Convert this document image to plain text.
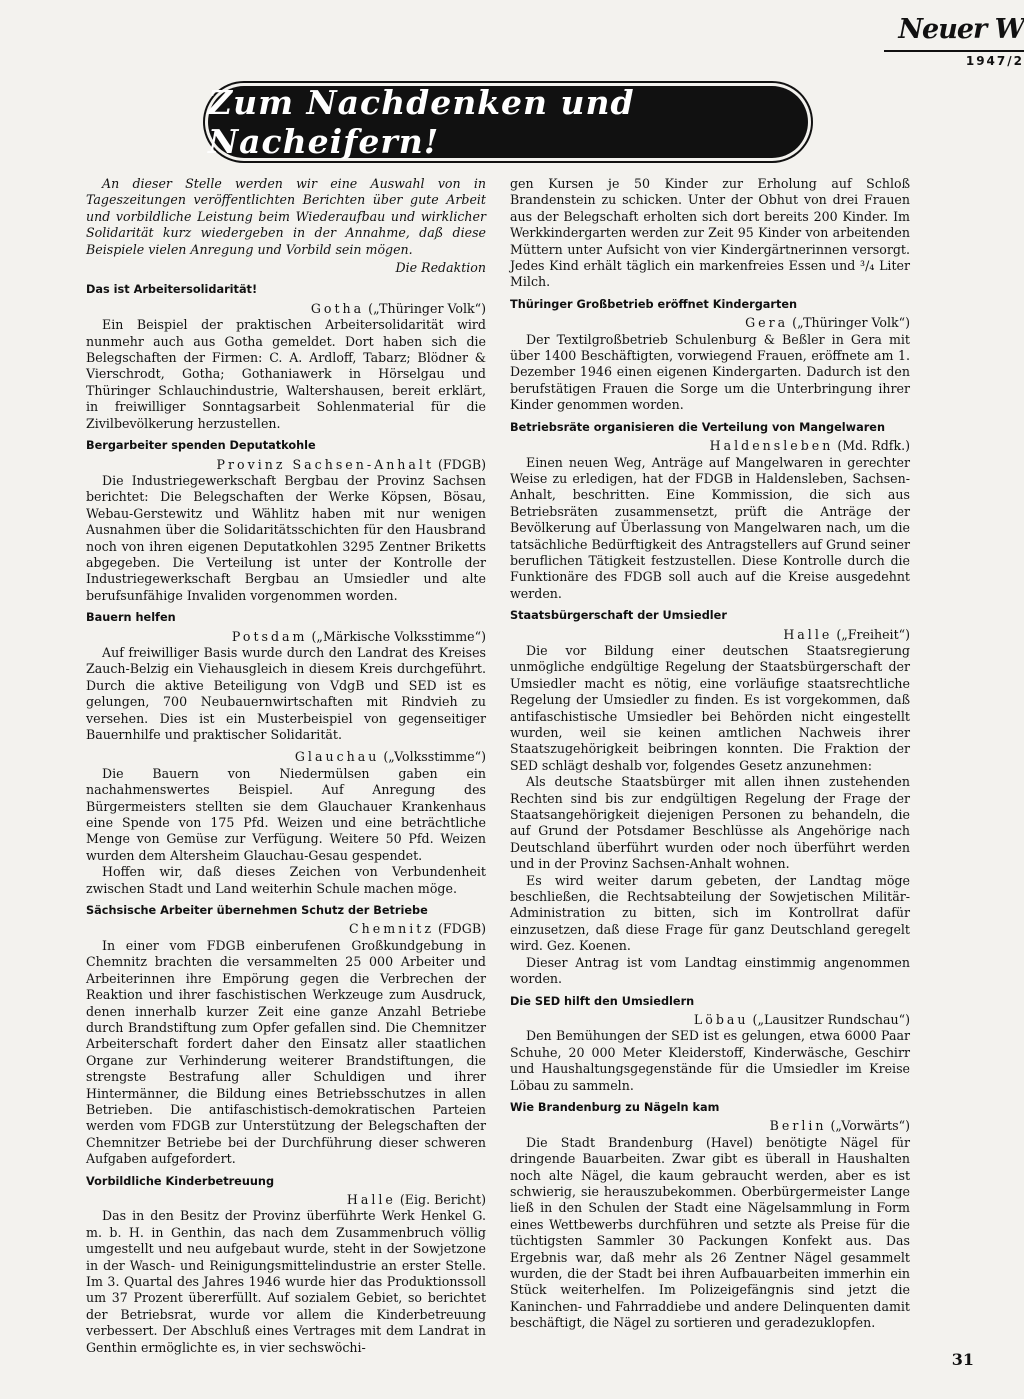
Neuer W
1947/2
Zum Nachdenken und Nacheifern!

An dieser Stelle werden wir eine Auswahl von in Tageszeitungen veröffentlichten Berichten über gute Arbeit und vorbildliche Leistung beim Wiederaufbau und wirklicher Solidarität kurz wiedergeben in der Annahme, daß diese Beispiele vielen Anregung und Vorbild sein mögen.

Die Redaktion

Das ist Arbeitersolidarität!

Gotha („Thüringer Volk“)

Ein Beispiel der praktischen Arbeitersolidarität wird nunmehr auch aus Gotha gemeldet. Dort haben sich die Belegschaften der Firmen: C. A. Ardloff, Tabarz; Blödner & Vierschrodt, Gotha; Gothaniawerk in Hörselgau und Thüringer Schlauchindustrie, Waltershausen, bereit erklärt, in freiwilliger Sonntagsarbeit Sohlenmaterial für die Zivilbevölkerung herzustellen.

Bergarbeiter spenden Deputatkohle

Provinz Sachsen-Anhalt (FDGB)

Die Industriegewerkschaft Bergbau der Provinz Sachsen berichtet: Die Belegschaften der Werke Köpsen, Bösau, Webau-Gerstewitz und Wählitz haben mit nur wenigen Ausnahmen über die Solidaritätsschichten für den Hausbrand noch von ihren eigenen Deputatkohlen 3295 Zentner Briketts abgegeben. Die Verteilung ist unter der Kontrolle der Industriegewerkschaft Bergbau an Umsiedler und alte berufsunfähige Invaliden vorgenommen worden.

Bauern helfen

Potsdam („Märkische Volksstimme“)

Auf freiwilliger Basis wurde durch den Landrat des Kreises Zauch-Belzig ein Viehausgleich in diesem Kreis durchgeführt. Durch die aktive Beteiligung von VdgB und SED ist es gelungen, 700 Neubauernwirtschaften mit Rindvieh zu versehen. Dies ist ein Musterbeispiel von gegenseitiger Bauernhilfe und praktischer Solidarität.

Glauchau („Volksstimme“)

Die Bauern von Niedermülsen gaben ein nachahmenswertes Beispiel. Auf Anregung des Bürgermeisters stellten sie dem Glauchauer Krankenhaus eine Spende von 175 Pfd. Weizen und eine beträchtliche Menge von Gemüse zur Verfügung. Weitere 50 Pfd. Weizen wurden dem Altersheim Glauchau-Gesau gespendet.

Hoffen wir, daß dieses Zeichen von Verbundenheit zwischen Stadt und Land weiterhin Schule machen möge.

Sächsische Arbeiter übernehmen Schutz der Betriebe

Chemnitz (FDGB)

In einer vom FDGB einberufenen Großkundgebung in Chemnitz brachten die versammelten 25 000 Arbeiter und Arbeiterinnen ihre Empörung gegen die Verbrechen der Reaktion und ihrer faschistischen Werkzeuge zum Ausdruck, denen innerhalb kurzer Zeit eine ganze Anzahl Betriebe durch Brandstiftung zum Opfer gefallen sind. Die Chemnitzer Arbeiterschaft fordert daher den Einsatz aller staatlichen Organe zur Verhinderung weiterer Brandstiftungen, die strengste Bestrafung aller Schuldigen und ihrer Hintermänner, die Bildung eines Betriebsschutzes in allen Betrieben. Die antifaschistisch-demokratischen Parteien werden vom FDGB zur Unterstützung der Belegschaften der Chemnitzer Betriebe bei der Durchführung dieser schweren Aufgaben aufgefordert.

Vorbildliche Kinderbetreuung

Halle (Eig. Bericht)

Das in den Besitz der Provinz überführte Werk Henkel G. m. b. H. in Genthin, das nach dem Zusammenbruch völlig umgestellt und neu aufgebaut wurde, steht in der Sowjetzone in der Wasch- und Reinigungsmittelindustrie an erster Stelle. Im 3. Quartal des Jahres 1946 wurde hier das Produktionssoll um 37 Prozent übererfüllt. Auf sozialem Gebiet, so berichtet der Betriebsrat, wurde vor allem die Kinderbetreuung verbessert. Der Abschluß eines Vertrages mit dem Landrat in Genthin ermöglichte es, in vier sechswöchi-

gen Kursen je 50 Kinder zur Erholung auf Schloß Brandenstein zu schicken. Unter der Obhut von drei Frauen aus der Belegschaft erholten sich dort bereits 200 Kinder. Im Werkkindergarten werden zur Zeit 95 Kinder von arbeitenden Müttern unter Aufsicht von vier Kindergärtnerinnen versorgt. Jedes Kind erhält täglich ein markenfreies Essen und ³/₄ Liter Milch.

Thüringer Großbetrieb eröffnet Kindergarten

Gera („Thüringer Volk“)

Der Textilgroßbetrieb Schulenburg & Beßler in Gera mit über 1400 Beschäftigten, vorwiegend Frauen, eröffnete am 1. Dezember 1946 einen eigenen Kindergarten. Dadurch ist den berufstätigen Frauen die Sorge um die Unterbringung ihrer Kinder genommen worden.

Betriebsräte organisieren die Verteilung von Mangelwaren

Haldensleben (Md. Rdfk.)

Einen neuen Weg, Anträge auf Mangelwaren in gerechter Weise zu erledigen, hat der FDGB in Haldensleben, Sachsen-Anhalt, beschritten. Eine Kommission, die sich aus Betriebsräten zusammensetzt, prüft die Anträge der Bevölkerung auf Überlassung von Mangelwaren nach, um die tatsächliche Bedürftigkeit des Antragstellers auf Grund seiner beruflichen Tätigkeit festzustellen. Diese Kontrolle durch die Funktionäre des FDGB soll auch auf die Kreise ausgedehnt werden.

Staatsbürgerschaft der Umsiedler

Halle („Freiheit“)

Die vor Bildung einer deutschen Staatsregierung unmögliche endgültige Regelung der Staatsbürgerschaft der Umsiedler macht es nötig, eine vorläufige staatsrechtliche Regelung der Umsiedler zu finden. Es ist vorgekommen, daß antifaschistische Umsiedler bei Behörden nicht eingestellt wurden, weil sie keinen amtlichen Nachweis ihrer Staatszugehörigkeit beibringen konnten. Die Fraktion der SED schlägt deshalb vor, folgendes Gesetz anzunehmen:

Als deutsche Staatsbürger mit allen ihnen zustehenden Rechten sind bis zur endgültigen Regelung der Frage der Staatsangehörigkeit diejenigen Personen zu behandeln, die auf Grund der Potsdamer Beschlüsse als Angehörige nach Deutschland überführt wurden oder noch überführt werden und in der Provinz Sachsen-Anhalt wohnen.

Es wird weiter darum gebeten, der Landtag möge beschließen, die Rechtsabteilung der Sowjetischen Militär-Administration zu bitten, sich im Kontrollrat dafür einzusetzen, daß diese Frage für ganz Deutschland geregelt wird. Gez. Koenen.

Dieser Antrag ist vom Landtag einstimmig angenommen worden.

Die SED hilft den Umsiedlern

Löbau („Lausitzer Rundschau“)

Den Bemühungen der SED ist es gelungen, etwa 6000 Paar Schuhe, 20 000 Meter Kleiderstoff, Kinderwäsche, Geschirr und Haushaltungsgegenstände für die Umsiedler im Kreise Löbau zu sammeln.

Wie Brandenburg zu Nägeln kam

Berlin („Vorwärts“)

Die Stadt Brandenburg (Havel) benötigte Nägel für dringende Bauarbeiten. Zwar gibt es überall in Haushalten noch alte Nägel, die kaum gebraucht werden, aber es ist schwierig, sie herauszubekommen. Oberbürgermeister Lange ließ in den Schulen der Stadt eine Nägelsammlung in Form eines Wettbewerbs durchführen und setzte als Preise für die tüchtigsten Sammler 30 Packungen Konfekt aus. Das Ergebnis war, daß mehr als 26 Zentner Nägel gesammelt wurden, die der Stadt bei ihren Aufbauarbeiten immerhin ein Stück weiterhelfen. Im Polizeigefängnis sind jetzt die Kaninchen- und Fahrraddiebe und andere Delinquenten damit beschäftigt, die Nägel zu sortieren und geradezuklopfen.

31
